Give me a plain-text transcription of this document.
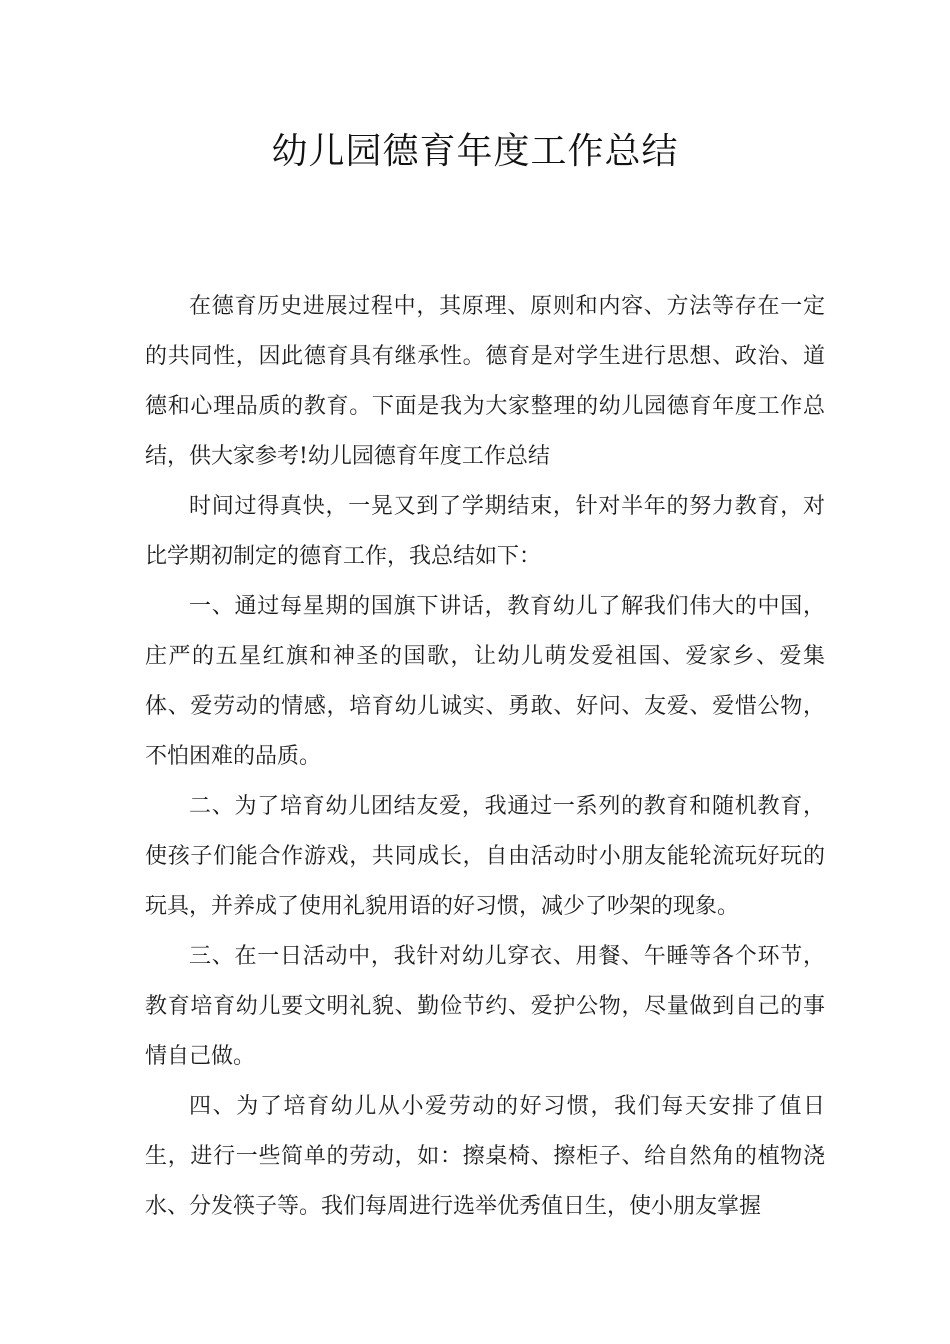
幼儿园德育年度工作总结

在德育历史进展过程中，其原理、原则和内容、方法等存在一定的共同性，因此德育具有继承性。德育是对学生进行思想、政治、道德和心理品质的教育。下面是我为大家整理的幼儿园德育年度工作总结，供大家参考!幼儿园德育年度工作总结

时间过得真快，一晃又到了学期结束，针对半年的努力教育，对比学期初制定的德育工作，我总结如下：

一、通过每星期的国旗下讲话，教育幼儿了解我们伟大的中国，庄严的五星红旗和神圣的国歌，让幼儿萌发爱祖国、爱家乡、爱集体、爱劳动的情感，培育幼儿诚实、勇敢、好问、友爱、爱惜公物，不怕困难的品质。

二、为了培育幼儿团结友爱，我通过一系列的教育和随机教育，使孩子们能合作游戏，共同成长，自由活动时小朋友能轮流玩好玩的玩具，并养成了使用礼貌用语的好习惯，减少了吵架的现象。

三、在一日活动中，我针对幼儿穿衣、用餐、午睡等各个环节，教育培育幼儿要文明礼貌、勤俭节约、爱护公物，尽量做到自己的事情自己做。

四、为了培育幼儿从小爱劳动的好习惯，我们每天安排了值日生，进行一些简单的劳动，如：擦桌椅、擦柜子、给自然角的植物浇水、分发筷子等。我们每周进行选举优秀值日生，使小朋友掌握
